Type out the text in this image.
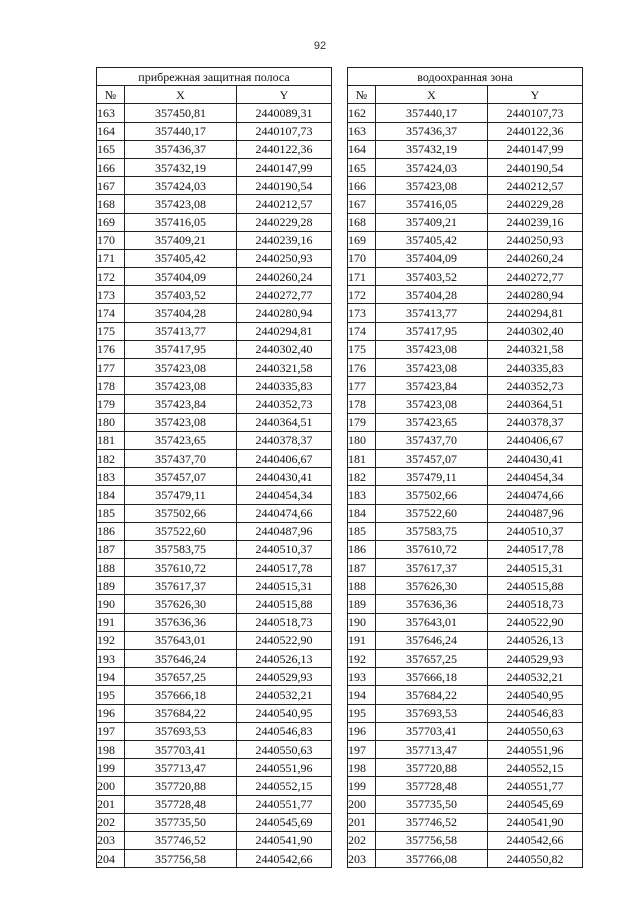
92
прибрежная защитная полоса				водоохранная зона		
№	X	Y		№	X	Y
163	357450,81	2440089,31		162	357440,17	2440107,73
164	357440,17	2440107,73		163	357436,37	2440122,36
165	357436,37	2440122,36		164	357432,19	2440147,99
166	357432,19	2440147,99		165	357424,03	2440190,54
167	357424,03	2440190,54		166	357423,08	2440212,57
168	357423,08	2440212,57		167	357416,05	2440229,28
169	357416,05	2440229,28		168	357409,21	2440239,16
170	357409,21	2440239,16		169	357405,42	2440250,93
171	357405,42	2440250,93		170	357404,09	2440260,24
172	357404,09	2440260,24		171	357403,52	2440272,77
173	357403,52	2440272,77		172	357404,28	2440280,94
174	357404,28	2440280,94		173	357413,77	2440294,81
175	357413,77	2440294,81		174	357417,95	2440302,40
176	357417,95	2440302,40		175	357423,08	2440321,58
177	357423,08	2440321,58		176	357423,08	2440335,83
178	357423,08	2440335,83		177	357423,84	2440352,73
179	357423,84	2440352,73		178	357423,08	2440364,51
180	357423,08	2440364,51		179	357423,65	2440378,37
181	357423,65	2440378,37		180	357437,70	2440406,67
182	357437,70	2440406,67		181	357457,07	2440430,41
183	357457,07	2440430,41		182	357479,11	2440454,34
184	357479,11	2440454,34		183	357502,66	2440474,66
185	357502,66	2440474,66		184	357522,60	2440487,96
186	357522,60	2440487,96		185	357583,75	2440510,37
187	357583,75	2440510,37		186	357610,72	2440517,78
188	357610,72	2440517,78		187	357617,37	2440515,31
189	357617,37	2440515,31		188	357626,30	2440515,88
190	357626,30	2440515,88		189	357636,36	2440518,73
191	357636,36	2440518,73		190	357643,01	2440522,90
192	357643,01	2440522,90		191	357646,24	2440526,13
193	357646,24	2440526,13		192	357657,25	2440529,93
194	357657,25	2440529,93		193	357666,18	2440532,21
195	357666,18	2440532,21		194	357684,22	2440540,95
196	357684,22	2440540,95		195	357693,53	2440546,83
197	357693,53	2440546,83		196	357703,41	2440550,63
198	357703,41	2440550,63		197	357713,47	2440551,96
199	357713,47	2440551,96		198	357720,88	2440552,15
200	357720,88	2440552,15		199	357728,48	2440551,77
201	357728,48	2440551,77		200	357735,50	2440545,69
202	357735,50	2440545,69		201	357746,52	2440541,90
203	357746,52	2440541,90		202	357756,58	2440542,66
204	357756,58	2440542,66		203	357766,08	2440550,82
